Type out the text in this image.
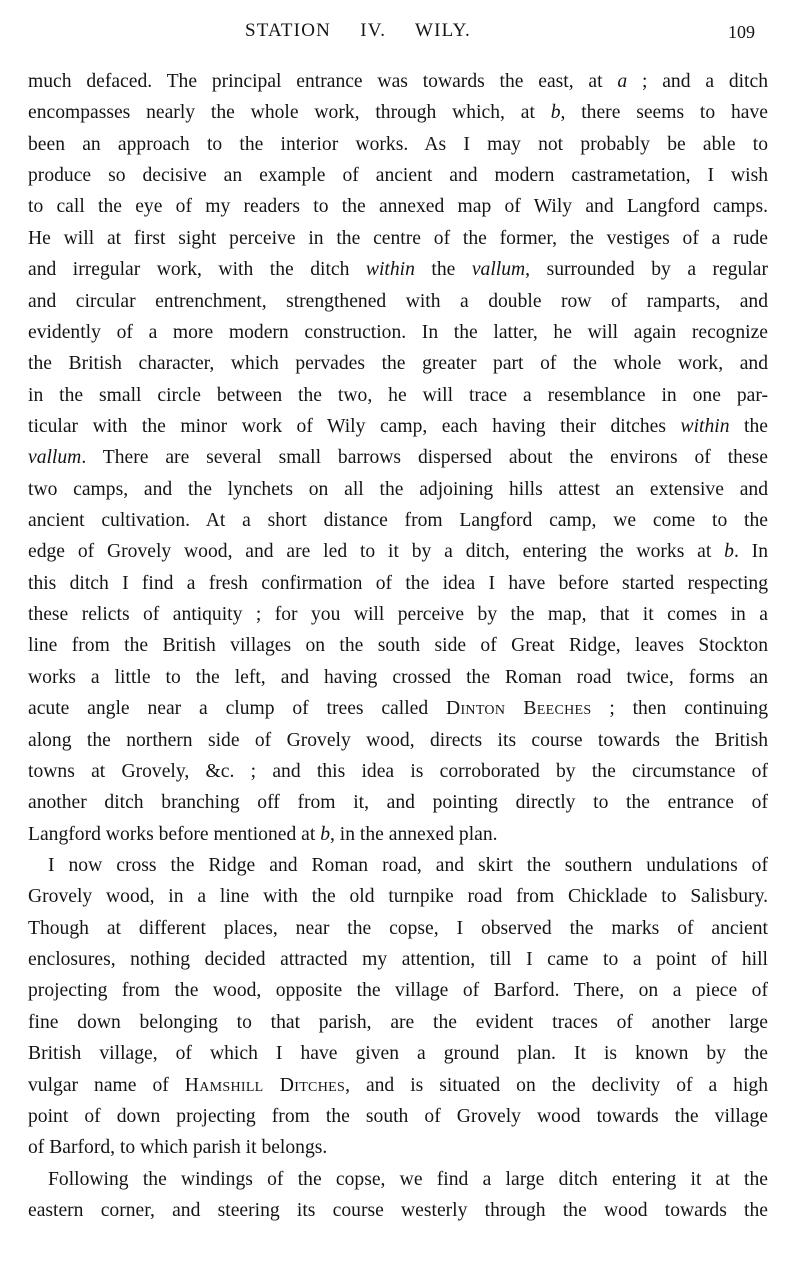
STATION IV. WILY.	109
much defaced. The principal entrance was towards the east, at a ; and a ditch
encompasses nearly the whole work, through which, at b, there seems to have
been an approach to the interior works. As I may not probably be able to
produce so decisive an example of ancient and modern castrametation, I wish
to call the eye of my readers to the annexed map of Wily and Langford camps.
He will at first sight perceive in the centre of the former, the vestiges of a rude
and irregular work, with the ditch within the vallum, surrounded by a regular
and circular entrenchment, strengthened with a double row of ramparts, and
evidently of a more modern construction. In the latter, he will again recognize
the British character, which pervades the greater part of the whole work, and
in the small circle between the two, he will trace a resemblance in one par-
ticular with the minor work of Wily camp, each having their ditches within the
vallum. There are several small barrows dispersed about the environs of these
two camps, and the lynchets on all the adjoining hills attest an extensive and
ancient cultivation. At a short distance from Langford camp, we come to the
edge of Grovely wood, and are led to it by a ditch, entering the works at b. In
this ditch I find a fresh confirmation of the idea I have before started respecting
these relicts of antiquity ; for you will perceive by the map, that it comes in a
line from the British villages on the south side of Great Ridge, leaves Stockton
works a little to the left, and having crossed the Roman road twice, forms an
acute angle near a clump of trees called Dinton Beeches ; then continuing
along the northern side of Grovely wood, directs its course towards the British
towns at Grovely, &c. ; and this idea is corroborated by the circumstance of
another ditch branching off from it, and pointing directly to the entrance of
Langford works before mentioned at b, in the annexed plan.
I now cross the Ridge and Roman road, and skirt the southern undulations of
Grovely wood, in a line with the old turnpike road from Chicklade to Salisbury.
Though at different places, near the copse, I observed the marks of ancient
enclosures, nothing decided attracted my attention, till I came to a point of hill
projecting from the wood, opposite the village of Barford. There, on a piece of
fine down belonging to that parish, are the evident traces of another large
British village, of which I have given a ground plan. It is known by the
vulgar name of Hamshill Ditches, and is situated on the declivity of a high
point of down projecting from the south of Grovely wood towards the village
of Barford, to which parish it belongs.
Following the windings of the copse, we find a large ditch entering it at the
eastern corner, and steering its course westerly through the wood towards the
